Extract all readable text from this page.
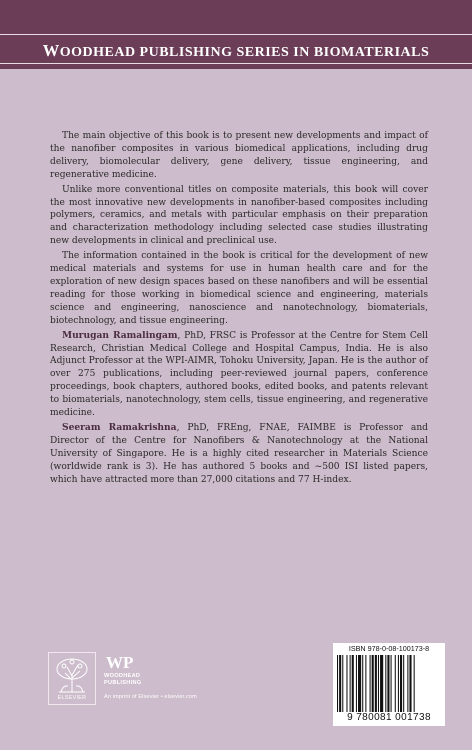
WOODHEAD PUBLISHING SERIES IN BIOMATERIALS

The main objective of this book is to present new developments and impact of the nanofiber composites in various biomedical applications, including drug delivery, biomolecular delivery, gene delivery, tissue engineering, and regenerative medicine.

Unlike more conventional titles on composite materials, this book will cover the most innovative new developments in nanofiber-based composites including polymers, ceramics, and metals with particular emphasis on their preparation and characterization methodology including selected case studies illustrating new developments in clinical and preclinical use.

The information contained in the book is critical for the development of new medical materials and systems for use in human health care and for the exploration of new design spaces based on these nanofibers and will be essential reading for those working in biomedical science and engineering, materials science and engineering, nanoscience and nanotechnology, biomaterials, biotechnology, and tissue engineering.

Murugan Ramalingam, PhD, FRSC is Professor at the Centre for Stem Cell Research, Christian Medical College and Hospital Campus, India. He is also Adjunct Professor at the WPI-AIMR, Tohoku University, Japan. He is the author of over 275 publications, including peer-reviewed journal papers, conference proceedings, book chapters, authored books, edited books, and patents relevant to biomaterials, nanotechnology, stem cells, tissue engineering, and regenerative medicine.

Seeram Ramakrishna, PhD, FREng, FNAE, FAIMBE is Professor and Director of the Centre for Nanofibers & Nanotechnology at the National University of Singapore. He is a highly cited researcher in Materials Science (worldwide rank is 3). He has authored 5 books and ~500 ISI listed papers, which have attracted more than 27,000 citations and 77 H-index.

ELSEVIER
WP
WOODHEAD
PUBLISHING
An imprint of Elsevier • elsevier.com
ISBN 978-0-08-100173-8
9 780081 001738
